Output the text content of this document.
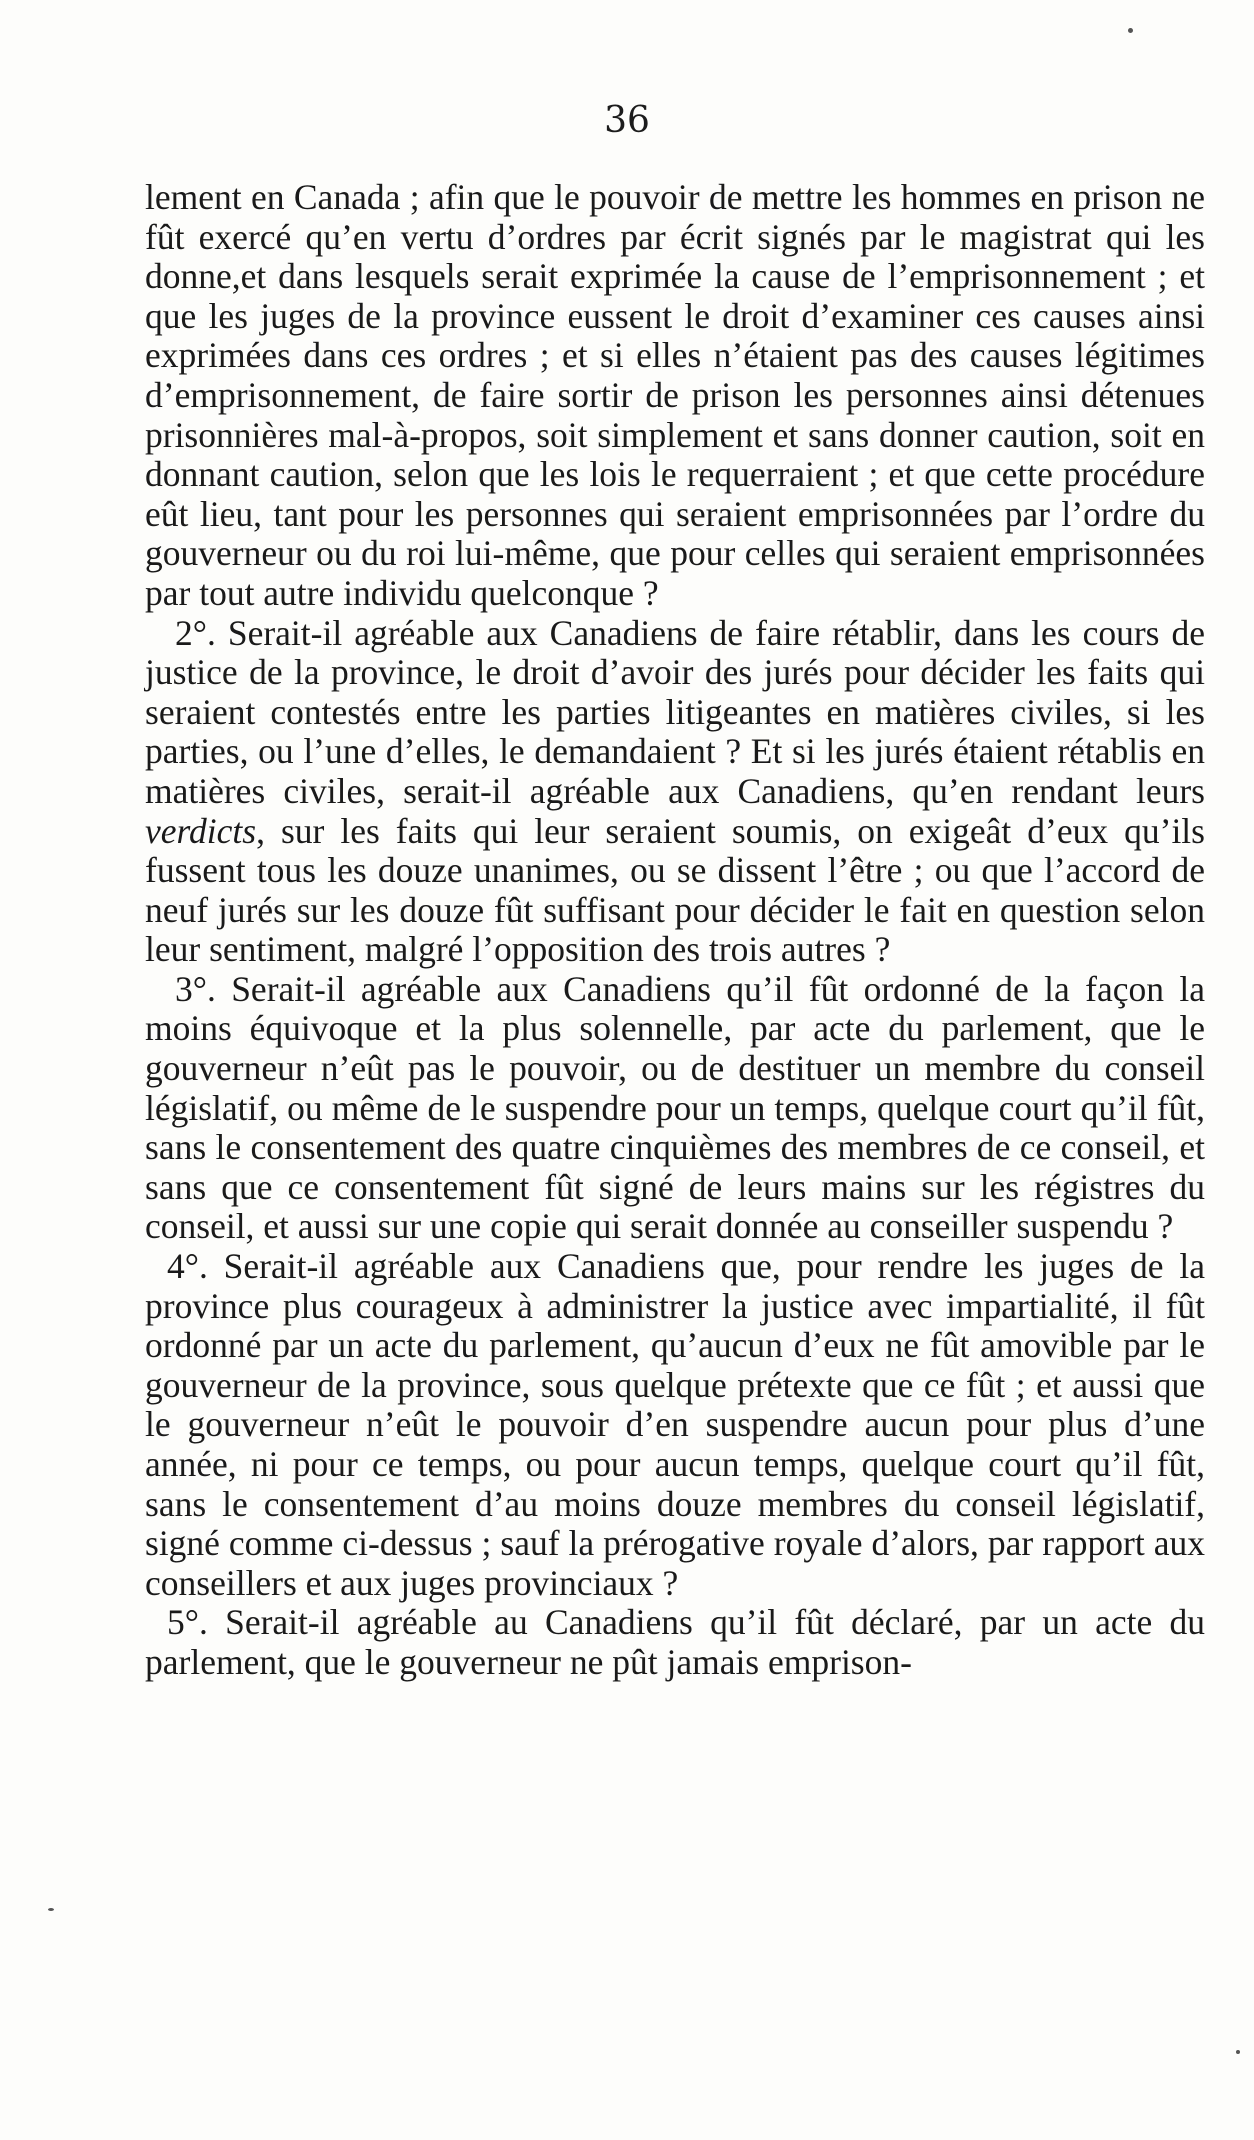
36

lement en Canada ; afin que le pouvoir de mettre les hommes en prison ne fût exercé qu’en vertu d’ordres par écrit signés par le magistrat qui les donne,et dans lesquels serait exprimée la cause de l’emprisonnement ; et que les juges de la province eussent le droit d’examiner ces causes ainsi exprimées dans ces ordres ; et si elles n’étaient pas des causes légitimes d’emprisonnement, de faire sortir de prison les personnes ainsi détenues prisonnières mal-à-propos, soit simplement et sans donner caution, soit en donnant caution, selon que les lois le requerraient ; et que cette procédure eût lieu, tant pour les personnes qui seraient emprisonnées par l’ordre du gouverneur ou du roi lui-même, que pour celles qui seraient emprisonnées par tout autre individu quelconque ?

2°. Serait-il agréable aux Canadiens de faire rétablir, dans les cours de justice de la province, le droit d’avoir des jurés pour décider les faits qui seraient contestés entre les parties litigeantes en matières civiles, si les parties, ou l’une d’elles, le demandaient ? Et si les jurés étaient rétablis en matières civiles, serait-il agréable aux Canadiens, qu’en rendant leurs verdicts, sur les faits qui leur seraient soumis, on exigeât d’eux qu’ils fussent tous les douze unanimes, ou se dissent l’être ; ou que l’accord de neuf jurés sur les douze fût suffisant pour décider le fait en question selon leur sentiment, malgré l’opposition des trois autres ?

3°. Serait-il agréable aux Canadiens qu’il fût ordonné de la façon la moins équivoque et la plus solennelle, par acte du parlement, que le gouverneur n’eût pas le pouvoir, ou de destituer un membre du conseil législatif, ou même de le suspendre pour un temps, quelque court qu’il fût, sans le consentement des quatre cinquièmes des membres de ce conseil, et sans que ce consentement fût signé de leurs mains sur les régistres du conseil, et aussi sur une copie qui serait donnée au conseiller suspendu ?

4°. Serait-il agréable aux Canadiens que, pour rendre les juges de la province plus courageux à administrer la justice avec impartialité, il fût ordonné par un acte du parlement, qu’aucun d’eux ne fût amovible par le gouverneur de la province, sous quelque prétexte que ce fût ; et aussi que le gouverneur n’eût le pouvoir d’en suspendre aucun pour plus d’une année, ni pour ce temps, ou pour aucun temps, quelque court qu’il fût, sans le consentement d’au moins douze membres du conseil législatif, signé comme ci-dessus ; sauf la prérogative royale d’alors, par rapport aux conseillers et aux juges provinciaux ?

5°. Serait-il agréable au Canadiens qu’il fût déclaré, par un acte du parlement, que le gouverneur ne pût jamais emprison-
